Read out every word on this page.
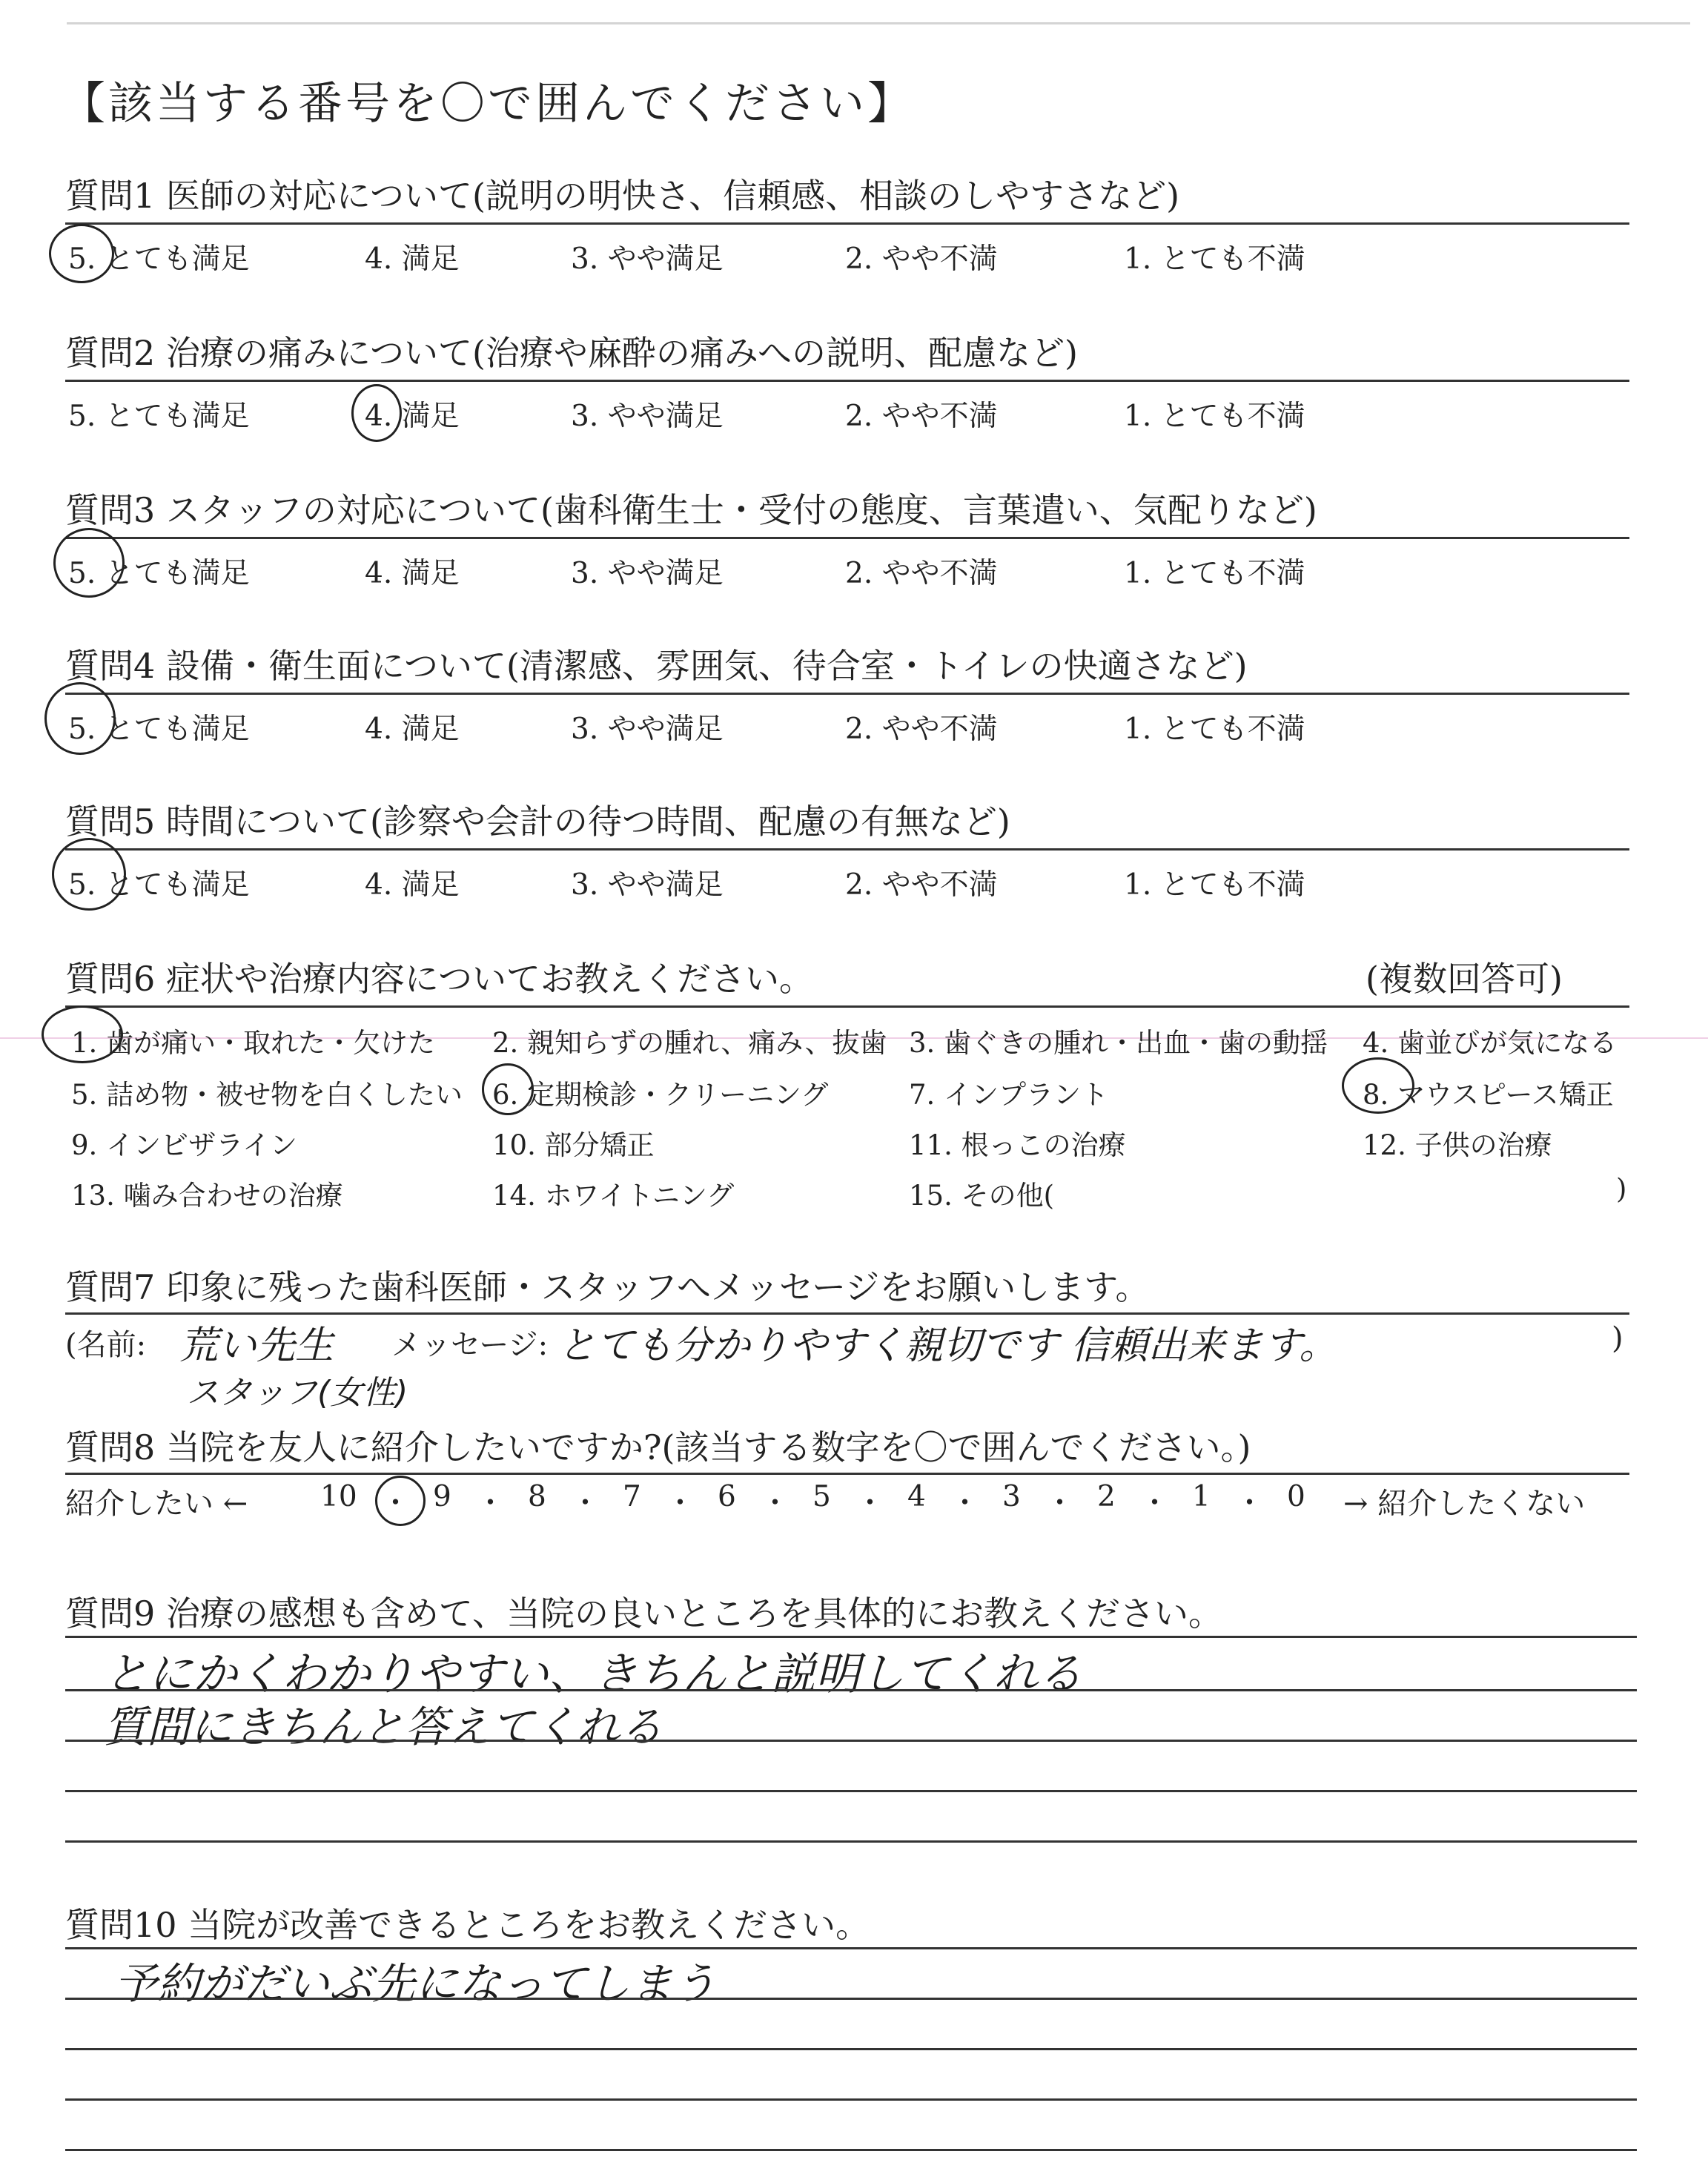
【該当する番号を〇で囲んでください】
質問1 医師の対応について(説明の明快さ、信頼感、相談のしやすさなど)
5. とても満足	4. 満足	3. やや満足	2. やや不満	1. とても不満
質問2 治療の痛みについて(治療や麻酔の痛みへの説明、配慮など)
5. とても満足	4. 満足	3. やや満足	2. やや不満	1. とても不満
質問3 スタッフの対応について(歯科衛生士・受付の態度、言葉遣い、気配りなど)
5. とても満足	4. 満足	3. やや満足	2. やや不満	1. とても不満
質問4 設備・衛生面について(清潔感、雰囲気、待合室・トイレの快適さなど)
5. とても満足	4. 満足	3. やや満足	2. やや不満	1. とても不満
質問5 時間について(診察や会計の待つ時間、配慮の有無など)
5. とても満足	4. 満足	3. やや満足	2. やや不満	1. とても不満
質問6 症状や治療内容についてお教えください。	(複数回答可)
1. 歯が痛い・取れた・欠けた 2. 親知らずの腫れ、痛み、抜歯 3. 歯ぐきの腫れ・出血・歯の動揺 4. 歯並びが気になる
5. 詰め物・被せ物を白くしたい 6. 定期検診・クリーニング	7. インプラント	8. マウスピース矯正
9. インビザライン	10. 部分矯正	11. 根っこの治療	12. 子供の治療
13. 噛み合わせの治療	14. ホワイトニング	15. その他(	)
質問7 印象に残った歯科医師・スタッフへメッセージをお願いします。
(名前: 荒い先生 メッセージ: とても分かりやすく親切です 信頼出来ます。	)
スタッフ(女性)
質問8 当院を友人に紹介したいですか?(該当する数字を〇で囲んでください。)
紹介したい ←	10 ・ 9 ・ 8 ・ 7 ・ 6 ・ 5 ・ 4 ・ 3 ・ 2 ・ 1 ・ 0 → 紹介したくない
質問9 治療の感想も含めて、当院の良いところを具体的にお教えください。
とにかくわかりやすい、きちんと説明してくれる
質問にきちんと答えてくれる
質問10 当院が改善できるところをお教えください。
予約がだいぶ先になってしまう
